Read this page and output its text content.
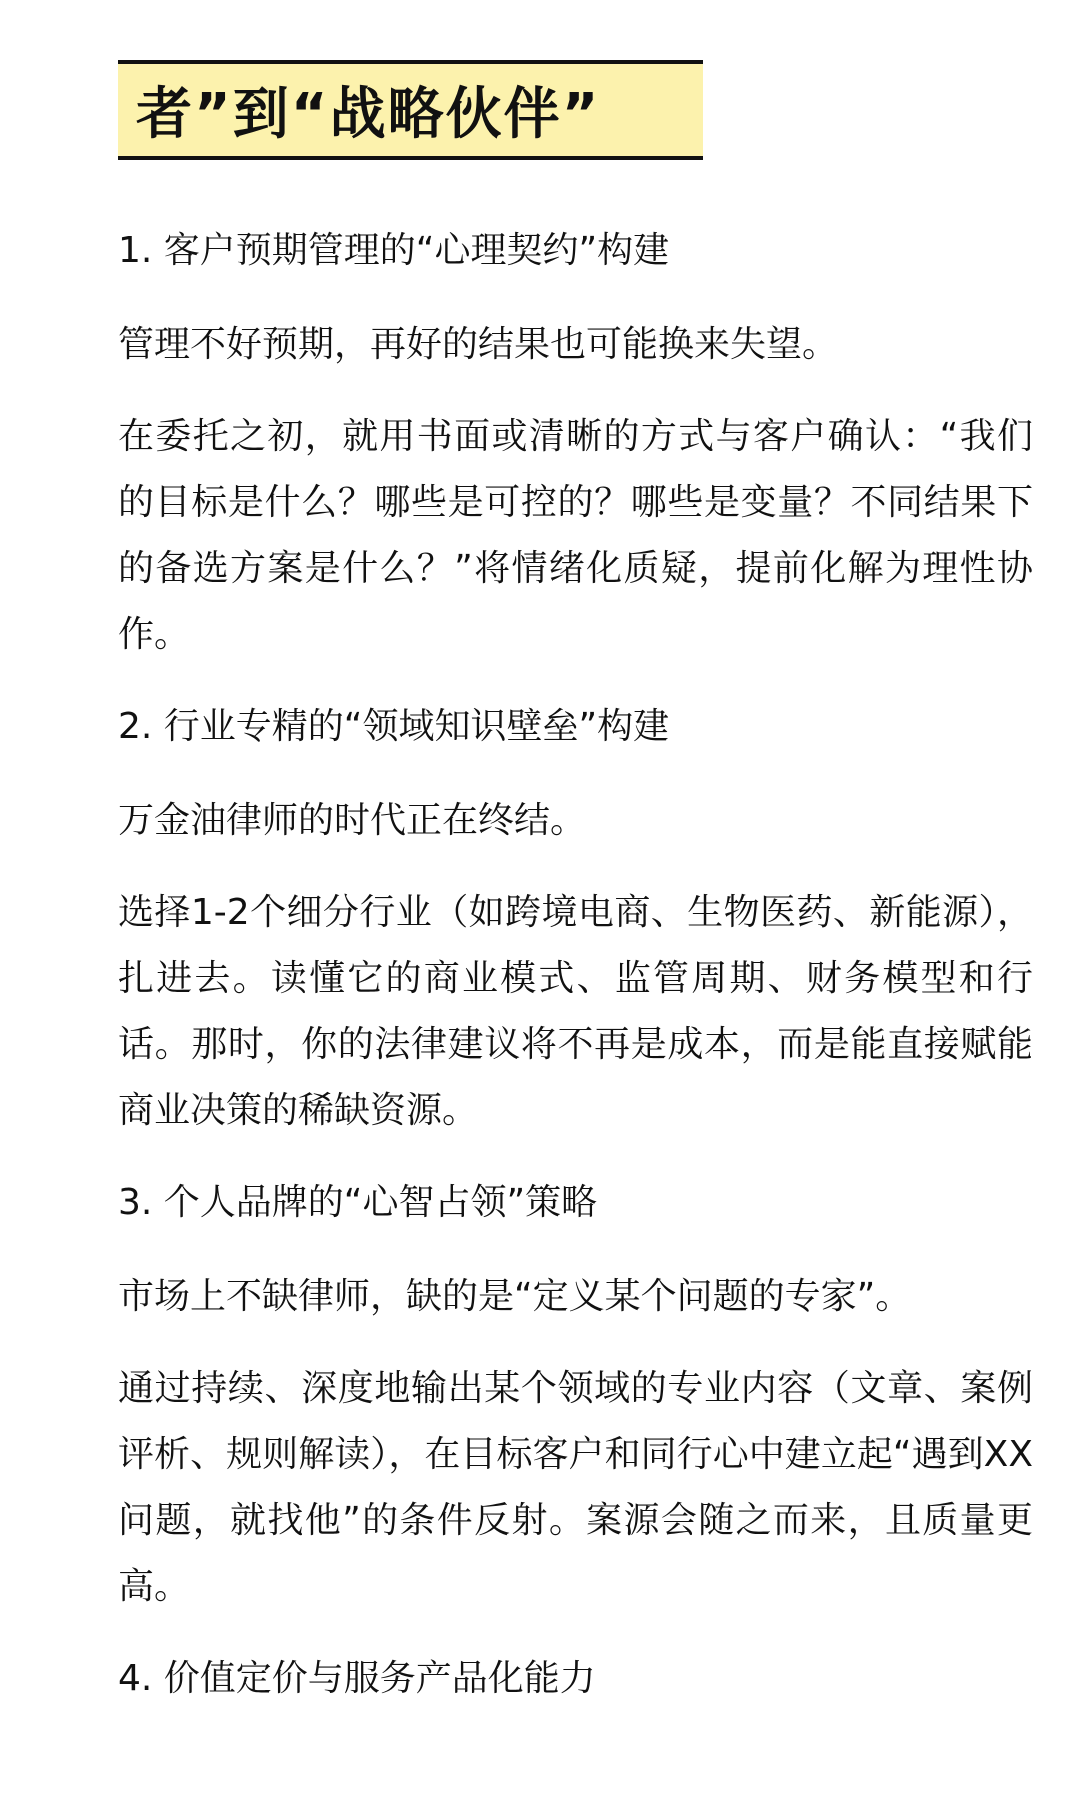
者”到“战略伙伴”
1. 客户预期管理的“心理契约”构建
管理不好预期，再好的结果也可能换来失望。
在委托之初，就用书面或清晰的方式与客户确认：“我们的目标是什么？哪些是可控的？哪些是变量？不同结果下的备选方案是什么？”将情绪化质疑，提前化解为理性协作。
2. 行业专精的“领域知识壁垒”构建
万金油律师的时代正在终结。
选择1-2个细分行业（如跨境电商、生物医药、新能源），扎进去。读懂它的商业模式、监管周期、财务模型和行话。那时，你的法律建议将不再是成本，而是能直接赋能商业决策的稀缺资源。
3. 个人品牌的“心智占领”策略
市场上不缺律师，缺的是“定义某个问题的专家”。
通过持续、深度地输出某个领域的专业内容（文章、案例评析、规则解读），在目标客户和同行心中建立起“遇到XX问题，就找他”的条件反射。案源会随之而来，且质量更高。
4. 价值定价与服务产品化能力
